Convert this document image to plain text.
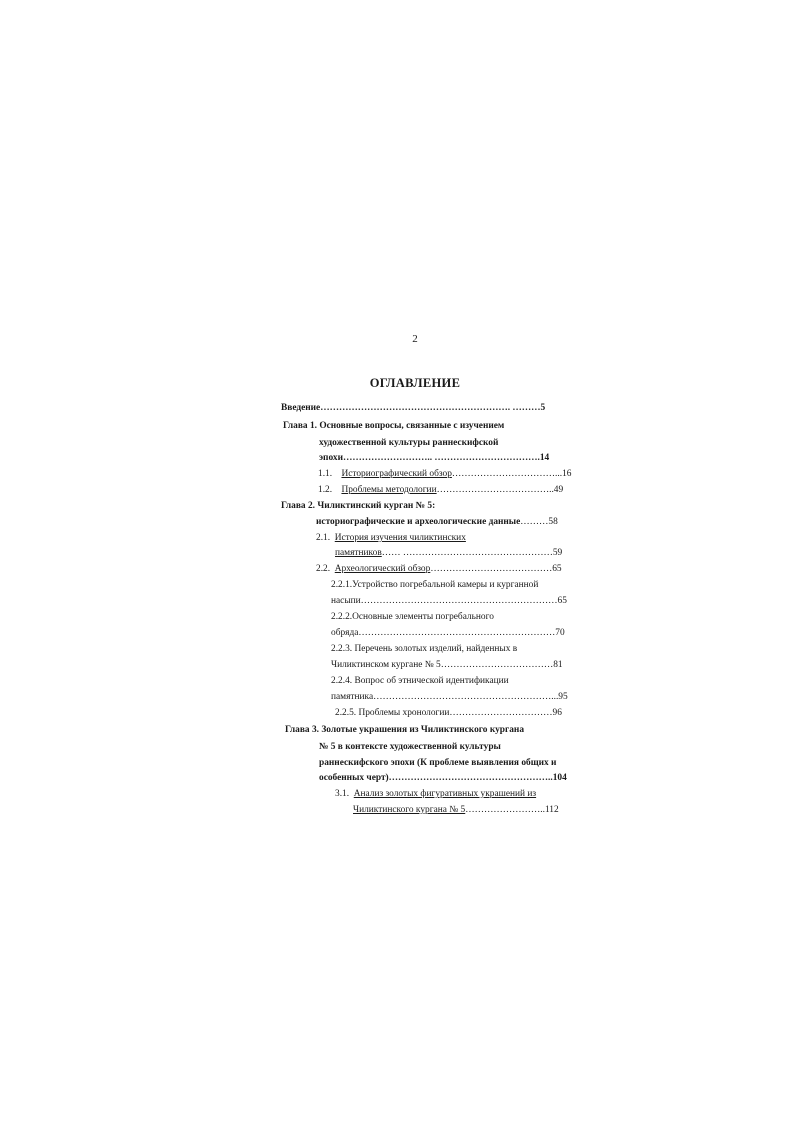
2
ОГЛАВЛЕНИЕ
Введение……………………………………………………. ………5
Глава 1. Основные вопросы, связанные с изучением
художественной культуры раннескифской
эпохи……………………….. …………………………….14
1.1. Историографический обзор……………………………...16
1.2. Проблемы методологии………………………………..49
Глава 2. Чиликтинский курган № 5:
историографические и археологические данные………58
2.1. История изучения чиликтинских
памятников…… …………………………………………59
2.2. Археологический обзор…………………………………65
2.2.1.Устройство погребальной камеры и курганной
насыпи………………………………………………………65
2.2.2.Основные элементы погребального
обряда………………………………………………………70
2.2.3. Перечень золотых изделий, найденных в
Чиликтинском кургане № 5………………………………81
2.2.4. Вопрос об этнической идентификации
памятника…………………………………………………...95
2.2.5. Проблемы хронологии……………………………96
Глава 3. Золотые украшения из Чиликтинского кургана
№ 5 в контексте художественной культуры
раннескифского эпохи (К проблеме выявления общих и
особенных черт)……………………………………………..104
3.1. Анализ золотых фигуративных украшений из
Чиликтинского кургана № 5……………………..112
